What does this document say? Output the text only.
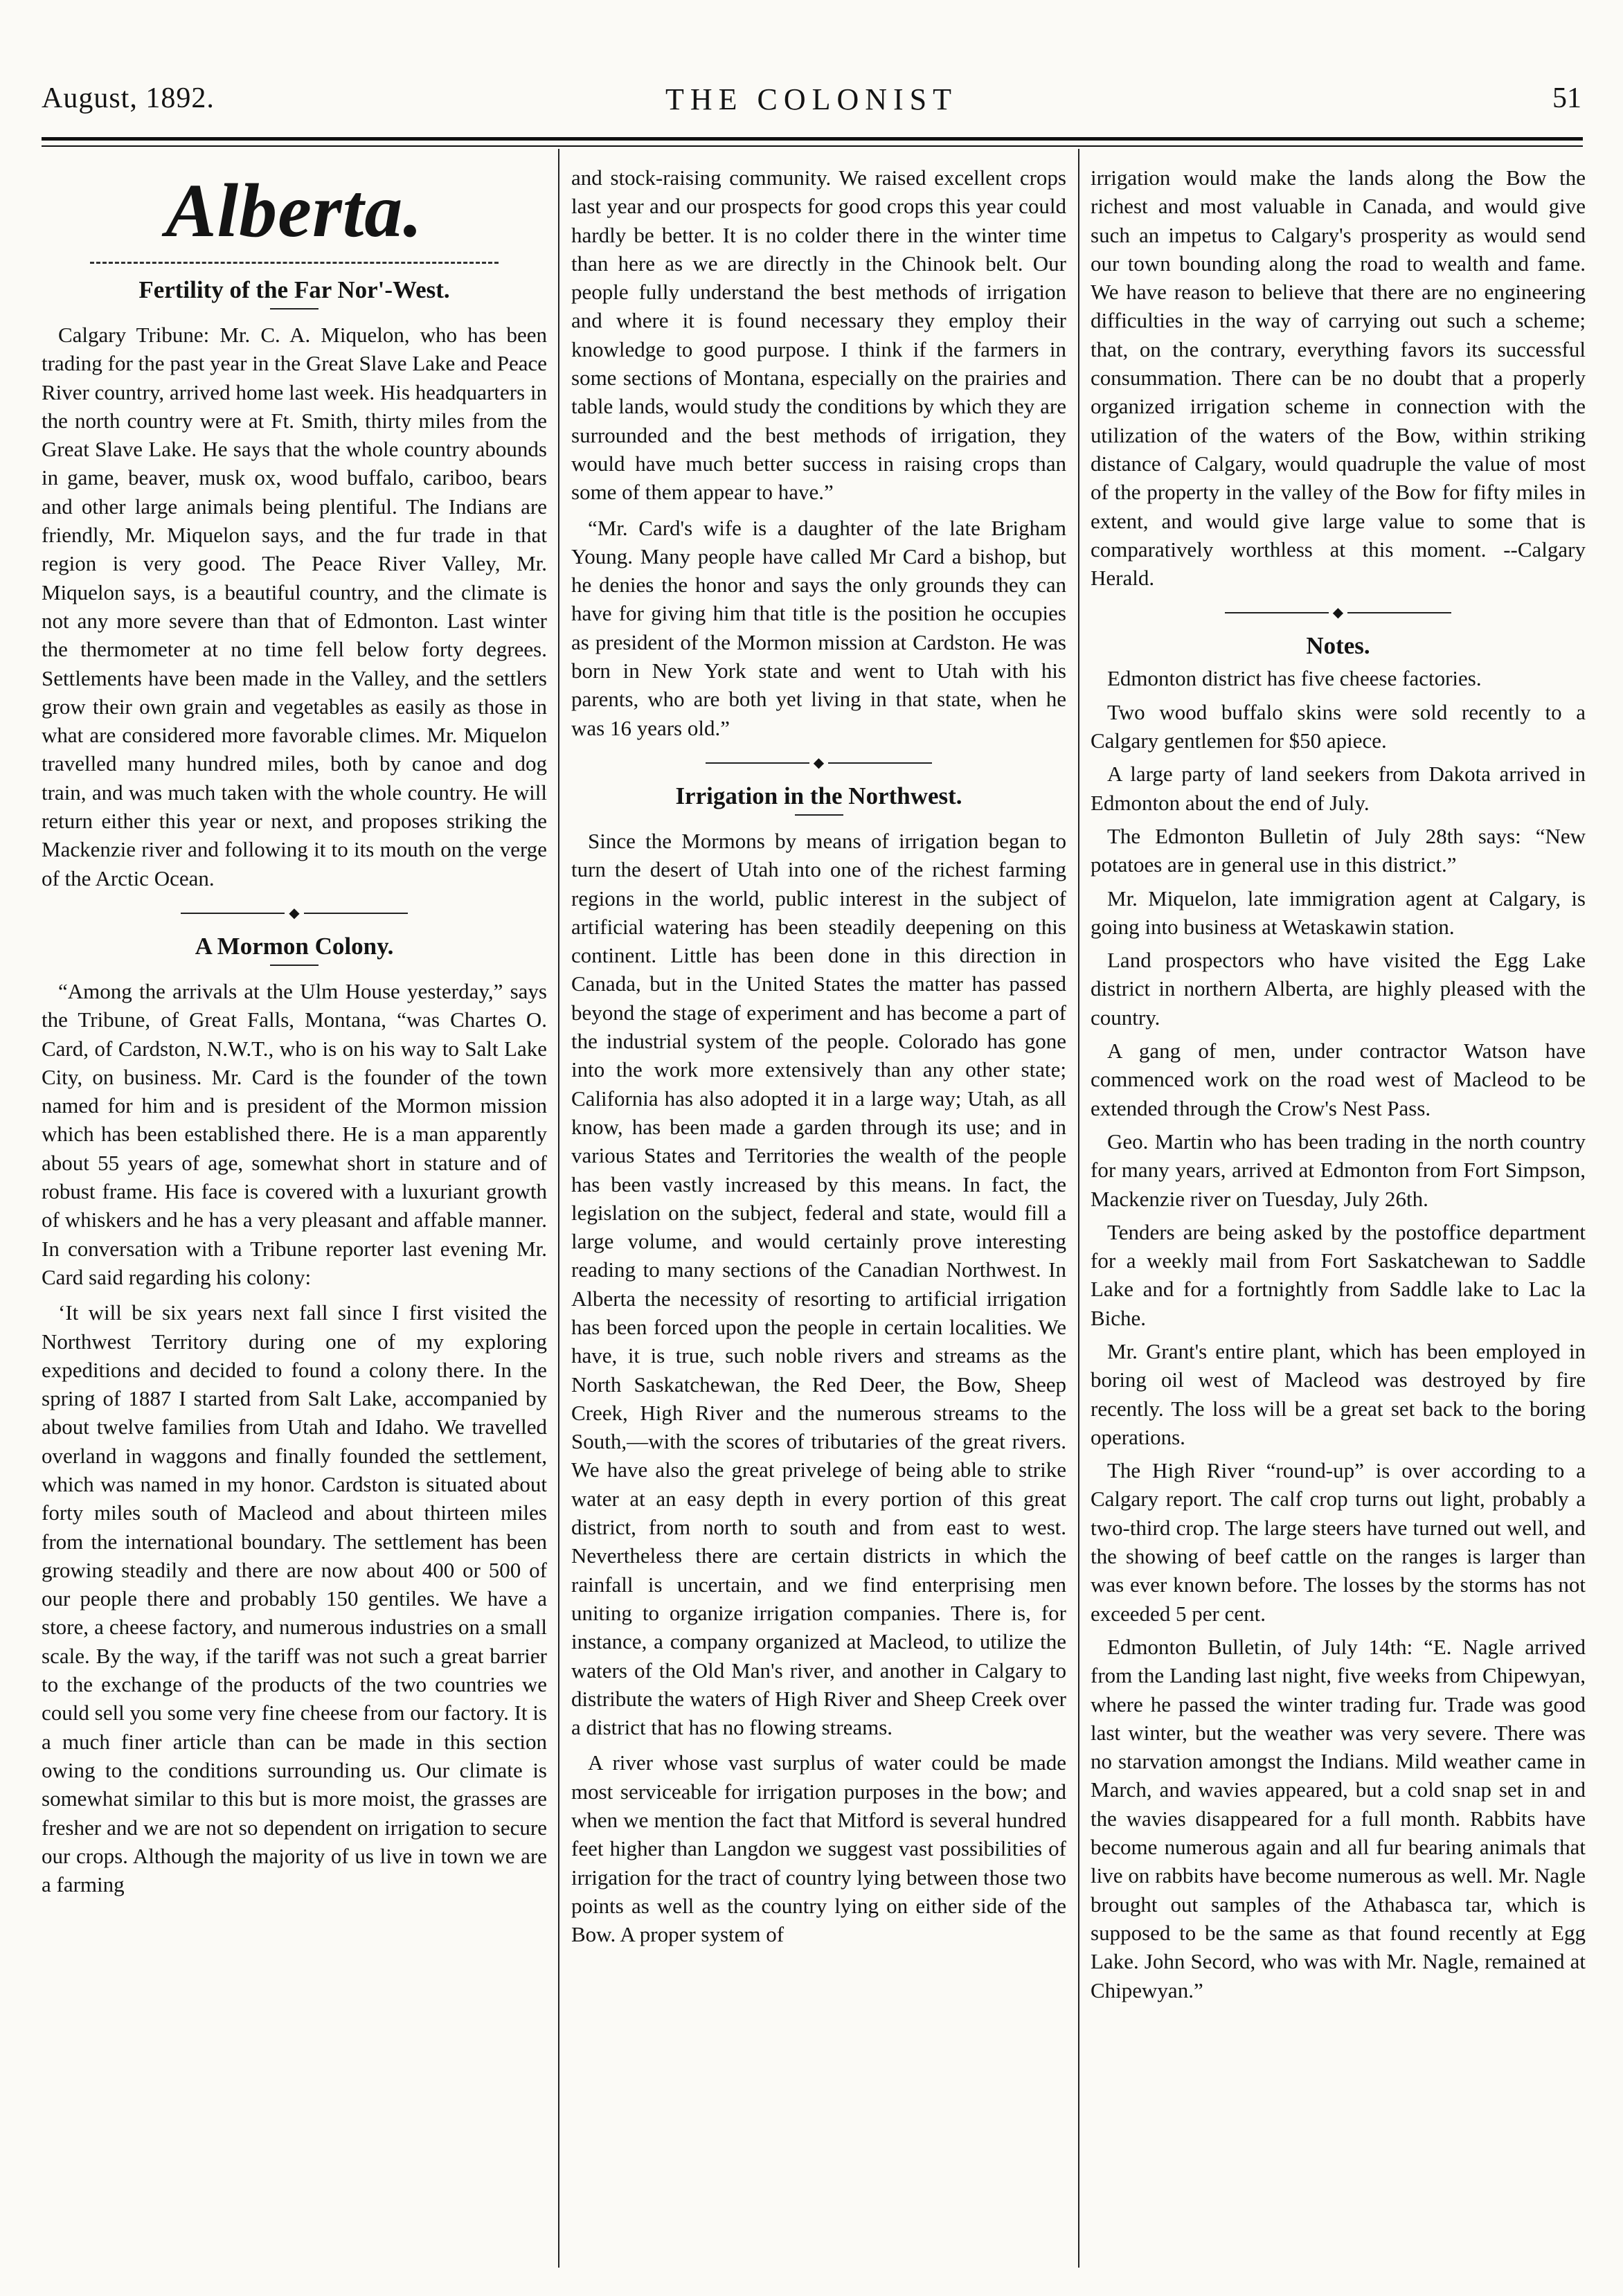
August, 1892.	THE COLONIST	51
Alberta.
Fertility of the Far Nor'-West.

Calgary Tribune: Mr. C. A. Miquelon, who has been trading for the past year in the Great Slave Lake and Peace River country, arrived home last week. His headquarters in the north country were at Ft. Smith, thirty miles from the Great Slave Lake. He says that the whole country abounds in game, beaver, musk ox, wood buffalo, cariboo, bears and other large animals being plentiful. The Indians are friendly, Mr. Miquelon says, and the fur trade in that region is very good. The Peace River Valley, Mr. Miquelon says, is a beautiful country, and the climate is not any more severe than that of Edmonton. Last winter the thermometer at no time fell below forty degrees. Settlements have been made in the Valley, and the settlers grow their own grain and vegetables as easily as those in what are considered more favorable climes. Mr. Miquelon travelled many hundred miles, both by canoe and dog train, and was much taken with the whole country. He will return either this year or next, and proposes striking the Mackenzie river and following it to its mouth on the verge of the Arctic Ocean.

◆
A Mormon Colony.

“Among the arrivals at the Ulm House yesterday,” says the Tribune, of Great Falls, Montana, “was Chartes O. Card, of Cardston, N.W.T., who is on his way to Salt Lake City, on business. Mr. Card is the founder of the town named for him and is president of the Mormon mission which has been established there. He is a man apparently about 55 years of age, somewhat short in stature and of robust frame. His face is covered with a luxuriant growth of whiskers and he has a very pleasant and affable manner. In conversation with a Tribune reporter last evening Mr. Card said regarding his colony:

‘It will be six years next fall since I first visited the Northwest Territory during one of my exploring expeditions and decided to found a colony there. In the spring of 1887 I started from Salt Lake, accompanied by about twelve families from Utah and Idaho. We travelled overland in waggons and finally founded the settlement, which was named in my honor. Cardston is situated about forty miles south of Macleod and about thirteen miles from the international boundary. The settlement has been growing steadily and there are now about 400 or 500 of our people there and probably 150 gentiles. We have a store, a cheese factory, and numerous industries on a small scale. By the way, if the tariff was not such a great barrier to the exchange of the products of the two countries we could sell you some very fine cheese from our factory. It is a much finer article than can be made in this section owing to the conditions surrounding us. Our climate is somewhat similar to this but is more moist, the grasses are fresher and we are not so dependent on irrigation to secure our crops. Although the majority of us live in town we are a farming

and stock-raising community. We raised excellent crops last year and our prospects for good crops this year could hardly be better. It is no colder there in the winter time than here as we are directly in the Chinook belt. Our people fully understand the best methods of irrigation and where it is found necessary they employ their knowledge to good purpose. I think if the farmers in some sections of Montana, especially on the prairies and table lands, would study the conditions by which they are surrounded and the best methods of irrigation, they would have much better success in raising crops than some of them appear to have.”

“Mr. Card's wife is a daughter of the late Brigham Young. Many people have called Mr Card a bishop, but he denies the honor and says the only grounds they can have for giving him that title is the position he occupies as president of the Mormon mission at Cardston. He was born in New York state and went to Utah with his parents, who are both yet living in that state, when he was 16 years old.”

◆
Irrigation in the Northwest.

Since the Mormons by means of irrigation began to turn the desert of Utah into one of the richest farming regions in the world, public interest in the subject of artificial watering has been steadily deepening on this continent. Little has been done in this direction in Canada, but in the United States the matter has passed beyond the stage of experiment and has become a part of the industrial system of the people. Colorado has gone into the work more extensively than any other state; California has also adopted it in a large way; Utah, as all know, has been made a garden through its use; and in various States and Territories the wealth of the people has been vastly increased by this means. In fact, the legislation on the subject, federal and state, would fill a large volume, and would certainly prove interesting reading to many sections of the Canadian Northwest. In Alberta the necessity of resorting to artificial irrigation has been forced upon the people in certain localities. We have, it is true, such noble rivers and streams as the North Saskatchewan, the Red Deer, the Bow, Sheep Creek, High River and the numerous streams to the South,—with the scores of tributaries of the great rivers. We have also the great privelege of being able to strike water at an easy depth in every portion of this great district, from north to south and from east to west. Nevertheless there are certain districts in which the rainfall is uncertain, and we find enterprising men uniting to organize irrigation companies. There is, for instance, a company organized at Macleod, to utilize the waters of the Old Man's river, and another in Calgary to distribute the waters of High River and Sheep Creek over a district that has no flowing streams.

A river whose vast surplus of water could be made most serviceable for irrigation purposes in the bow; and when we mention the fact that Mitford is several hundred feet higher than Langdon we suggest vast possibilities of irrigation for the tract of country lying between those two points as well as the country lying on either side of the Bow. A proper system of

irrigation would make the lands along the Bow the richest and most valuable in Canada, and would give such an impetus to Calgary's prosperity as would send our town bounding along the road to wealth and fame. We have reason to believe that there are no engineering difficulties in the way of carrying out such a scheme; that, on the contrary, everything favors its successful consummation. There can be no doubt that a properly organized irrigation scheme in connection with the utilization of the waters of the Bow, within striking distance of Calgary, would quadruple the value of most of the property in the valley of the Bow for fifty miles in extent, and would give large value to some that is comparatively worthless at this moment. --Calgary Herald.

◆
Notes.

Edmonton district has five cheese factories.

Two wood buffalo skins were sold recently to a Calgary gentlemen for $50 apiece.

A large party of land seekers from Dakota arrived in Edmonton about the end of July.

The Edmonton Bulletin of July 28th says: “New potatoes are in general use in this district.”

Mr. Miquelon, late immigration agent at Calgary, is going into business at Wetaskawin station.

Land prospectors who have visited the Egg Lake district in northern Alberta, are highly pleased with the country.

A gang of men, under contractor Watson have commenced work on the road west of Macleod to be extended through the Crow's Nest Pass.

Geo. Martin who has been trading in the north country for many years, arrived at Edmonton from Fort Simpson, Mackenzie river on Tuesday, July 26th.

Tenders are being asked by the postoffice department for a weekly mail from Fort Saskatchewan to Saddle Lake and for a fortnightly from Saddle lake to Lac la Biche.

Mr. Grant's entire plant, which has been employed in boring oil west of Macleod was destroyed by fire recently. The loss will be a great set back to the boring operations.

The High River “round-up” is over according to a Calgary report. The calf crop turns out light, probably a two-third crop. The large steers have turned out well, and the showing of beef cattle on the ranges is larger than was ever known before. The losses by the storms has not exceeded 5 per cent.

Edmonton Bulletin, of July 14th: “E. Nagle arrived from the Landing last night, five weeks from Chipewyan, where he passed the winter trading fur. Trade was good last winter, but the weather was very severe. There was no starvation amongst the Indians. Mild weather came in March, and wavies appeared, but a cold snap set in and the wavies disappeared for a full month. Rabbits have become numerous again and all fur bearing animals that live on rabbits have become numerous as well. Mr. Nagle brought out samples of the Athabasca tar, which is supposed to be the same as that found recently at Egg Lake. John Secord, who was with Mr. Nagle, remained at Chipewyan.”
